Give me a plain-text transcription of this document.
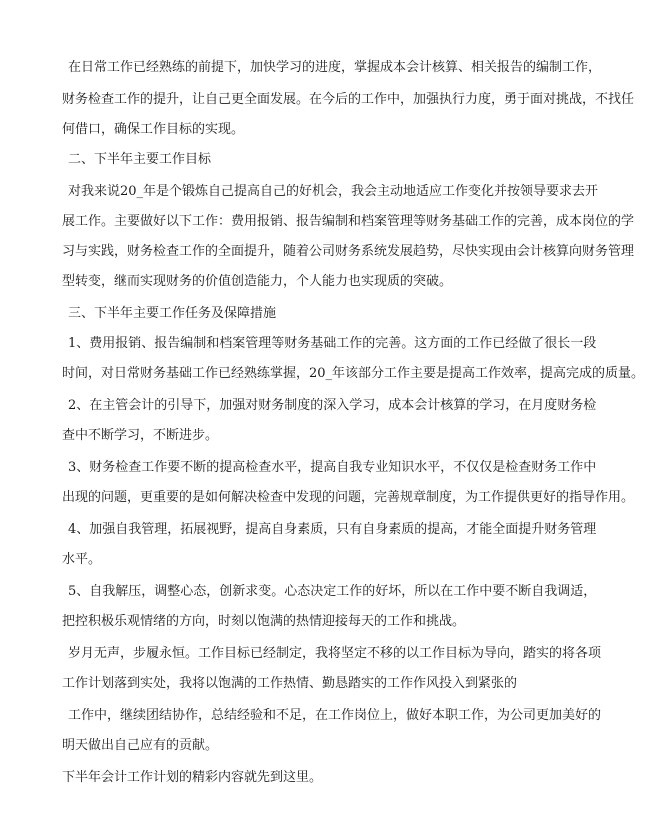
在日常工作已经熟练的前提下，加快学习的进度，掌握成本会计核算、相关报告的编制工作，
财务检查工作的提升，让自己更全面发展。在今后的工作中，加强执行力度，勇于面对挑战，不找任
何借口，确保工作目标的实现。
二、下半年主要工作目标
对我来说20_年是个锻炼自己提高自己的好机会，我会主动地适应工作变化并按领导要求去开
展工作。主要做好以下工作：费用报销、报告编制和档案管理等财务基础工作的完善，成本岗位的学
习与实践，财务检查工作的全面提升，随着公司财务系统发展趋势，尽快实现由会计核算向财务管理
型转变，继而实现财务的价值创造能力，个人能力也实现质的突破。
三、下半年主要工作任务及保障措施
1、费用报销、报告编制和档案管理等财务基础工作的完善。这方面的工作已经做了很长一段
时间，对日常财务基础工作已经熟练掌握，20_年该部分工作主要是提高工作效率，提高完成的质量。
2、在主管会计的引导下，加强对财务制度的深入学习，成本会计核算的学习，在月度财务检
查中不断学习，不断进步。
3、财务检查工作要不断的提高检查水平，提高自我专业知识水平，不仅仅是检查财务工作中
出现的问题，更重要的是如何解决检查中发现的问题，完善规章制度，为工作提供更好的指导作用。
4、加强自我管理，拓展视野，提高自身素质，只有自身素质的提高，才能全面提升财务管理
水平。
5、自我解压，调整心态，创新求变。心态决定工作的好坏，所以在工作中要不断自我调适，
把控积极乐观情绪的方向，时刻以饱满的热情迎接每天的工作和挑战。
岁月无声，步履永恒。工作目标已经制定，我将坚定不移的以工作目标为导向，踏实的将各项
工作计划落到实处，我将以饱满的工作热情、勤恳踏实的工作作风投入到紧张的
工作中，继续团结协作，总结经验和不足，在工作岗位上，做好本职工作，为公司更加美好的
明天做出自己应有的贡献。
下半年会计工作计划的精彩内容就先到这里。
